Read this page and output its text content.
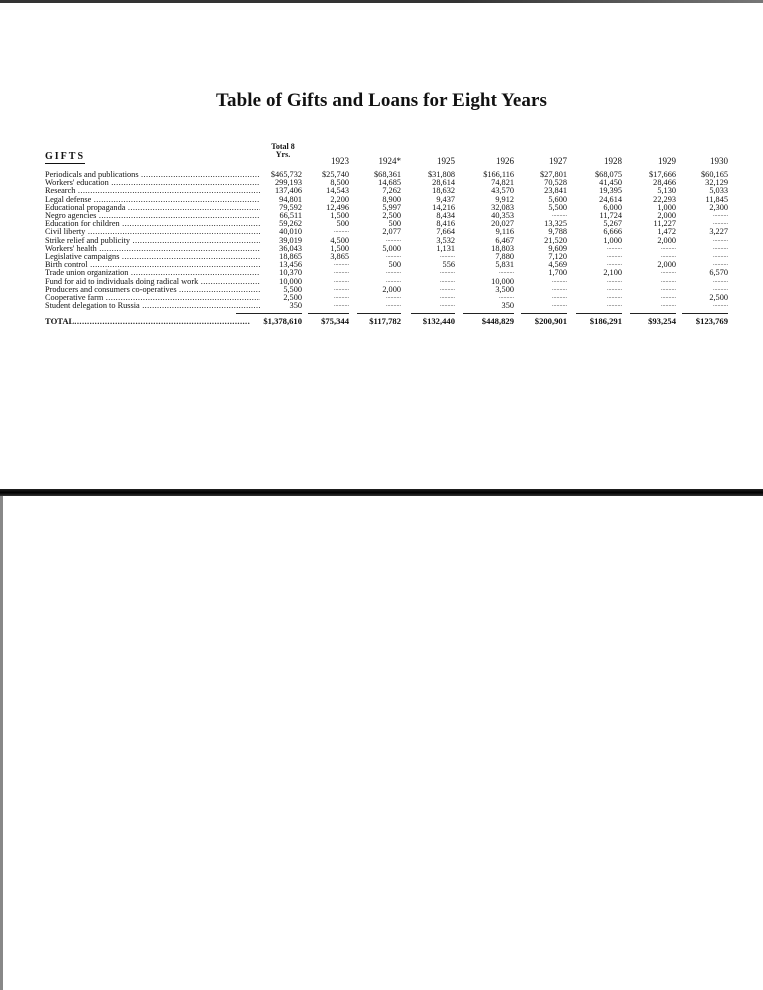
Table of Gifts and Loans for Eight Years
GIFTS
Total 8 Yrs.
1923	1924*	1925	1926	1927	1928	1929	1930
Periodicals and publications .....	$465,732	$25,740	$68,361	$31,808	$166,116	$27,801	$68,075	$17,666	$60,165
Workers' education .....	299,193	8,500	14,685	28,614	74,821	70,528	41,450	28,466	32,129
Research .....	137,406	14,543	7,262	18,632	43,570	23,841	19,395	5,130	5,033
Legal defense .....	94,801	2,200	8,900	9,437	9,912	5,600	24,614	22,293	11,845
Educational propaganda .....	79,592	12,496	5,997	14,216	32,083	5,500	6,000	1,000	2,300
Negro agencies .....	66,511	1,500	2,500	8,434	40,353	..........	11,724	2,000	..........
Education for children .....	59,262	500	500	8,416	20,027	13,325	5,267	11,227	..........
Civil liberty .....	40,010	..........	2,077	7,664	9,116	9,788	6,666	1,472	3,227
Strike relief and publicity .....	39,019	4,500	..........	3,532	6,467	21,520	1,000	2,000	..........
Workers' health .....	36,043	1,500	5,000	1,131	18,803	9,609	..........	..........	..........
Legislative campaigns .....	18,865	3,865	..........	..........	7,880	7,120	..........	..........	..........
Birth control .....	13,456	..........	500	556	5,831	4,569	..........	2,000	..........
Trade union organization .....	10,370	..........	..........	..........	..........	1,700	2,100	..........	6,570
Fund for aid to individuals doing radical work .....	10,000	..........	..........	..........	10,000	..........	..........	..........	..........
Producers and consumers co-operatives .....	5,500	..........	2,000	..........	3,500	..........	..........	..........	..........
Cooperative farm .....	2,500	..........	..........	..........	..........	..........	..........	..........	2,500
Student delegation to Russia .....	350	..........	..........	..........	350	..........	..........	..........	..........
TOTAL .....	$1,378,610	$75,344	$117,782	$132,440	$448,829	$200,901	$186,291	$93,254	$123,769
